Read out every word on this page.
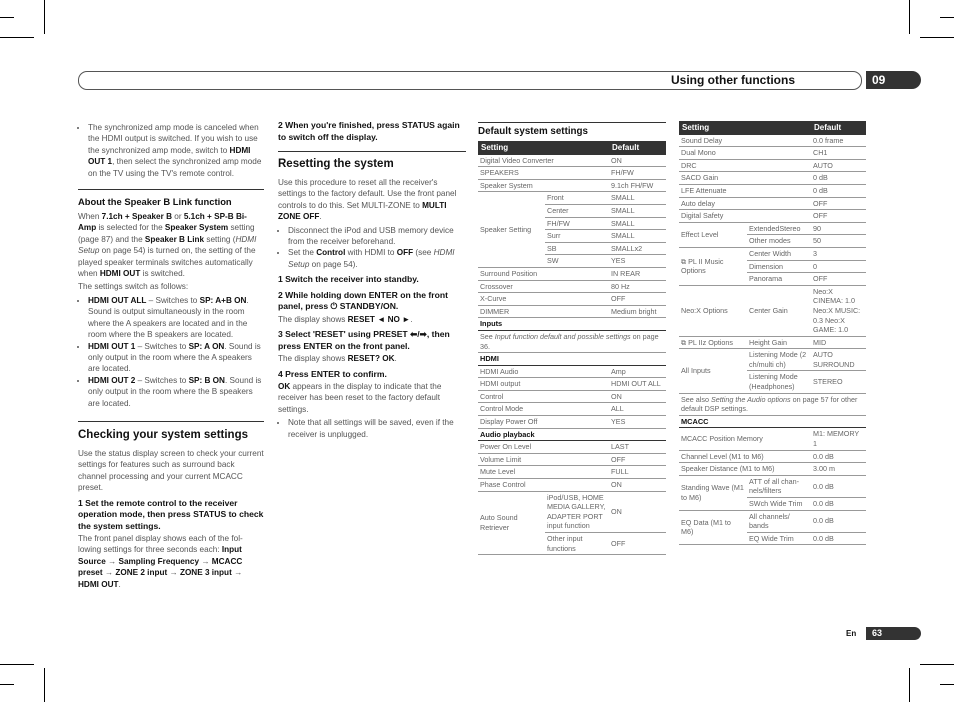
Using other functions	09
• The synchronized amp mode is canceled when the HDMI output is switched. If you wish to use the synchronized amp mode, switch to HDMI OUT 1, then select the synchronized amp mode on the TV using the TV's remote control.
About the Speaker B Link function

When 7.1ch + Speaker B or 5.1ch + SP-B Bi-Amp is selected for the Speaker System setting (page 87) and the Speaker B Link setting (HDMI Setup on page 54) is turned on, the setting of the played speaker terminals switches automatically when HDMI OUT is switched.

The settings switch as follows:

• HDMI OUT ALL – Switches to SP: A+B ON. Sound is output simultaneously in the room where the A speakers are located and in the room where the B speakers are located.
• HDMI OUT 1 – Switches to SP: A ON. Sound is only output in the room where the A speakers are located.
• HDMI OUT 2 – Switches to SP: B ON. Sound is only output in the room where the B speakers are located.
Checking your system settings

Use the status display screen to check your current settings for features such as surround back channel processing and your current MCACC preset.

1 Set the remote control to the receiver operation mode, then press STATUS to check the system settings.

The front panel display shows each of the fol-lowing settings for three seconds each: Input Source → Sampling Frequency → MCACC preset → ZONE 2 input → ZONE 3 input → HDMI OUT.

2 When you're finished, press STATUS again to switch off the display.
Resetting the system

Use this procedure to reset all the receiver's settings to the factory default. Use the front panel controls to do this. Set MULTI-ZONE to MULTI ZONE OFF.

• Disconnect the iPod and USB memory device from the receiver beforehand.
• Set the Control with HDMI to OFF (see HDMI Setup on page 54).
1 Switch the receiver into standby.
2 While holding down ENTER on the front panel, press ⏻ STANDBY/ON.

The display shows RESET ◄ NO ►.

3 Select 'RESET' using PRESET ⬅/➡, then press ENTER on the front panel.

The display shows RESET? OK.

4 Press ENTER to confirm.

OK appears in the display to indicate that the receiver has been reset to the factory default settings.

• Note that all settings will be saved, even if the receiver is unplugged.
Default system settings
Setting		Default
Digital Video Converter		ON
SPEAKERS		FH/FW
Speaker System		9.1ch FH/FW
Speaker Setting	Front	SMALL
	Center	SMALL
	FH/FW	SMALL
	Surr	SMALL
	SB	SMALLx2
	SW	YES
Surround Position		IN REAR
Crossover		80 Hz
X-Curve		OFF
DIMMER		Medium bright
Inputs		
See Input function default and possible settings on page 36.		
HDMI		
HDMI Audio		Amp
HDMI output		HDMI OUT ALL
Control		ON
Control Mode		ALL
Display Power Off		YES
Audio playback		
Power On Level		LAST
Volume Limit		OFF
Mute Level		FULL
Phase Control		ON
Auto Sound Retriever	iPod/USB, HOME MEDIA GALLERY, ADAPTER PORT input function	ON
	Other input functions	OFF
Setting		Default
Sound Delay		0.0 frame
Dual Mono		CH1
DRC		AUTO
SACD Gain		0 dB
LFE Attenuate		0 dB
Auto delay		OFF
Digital Safety		OFF
Effect Level	ExtendedStereo	90
	Other modes	50
⧉ PL II Music Options	Center Width	3
	Dimension	0
	Panorama	OFF
Neo:X Options	Center Gain	Neo:X CINEMA: 1.0 Neo:X MUSIC: 0.3 Neo:X GAME: 1.0
⧉ PL IIz Options	Height Gain	MID
All Inputs	Listening Mode (2 ch/multi ch)	AUTO SURROUND
	Listening Mode (Headphones)	STEREO
See also Setting the Audio options on page 57 for other default DSP settings.		
MCACC		
MCACC Position Memory		M1: MEMORY 1
Channel Level (M1 to M6)		0.0 dB
Speaker Distance (M1 to M6)		3.00 m
Standing Wave (M1 to M6)	ATT of all chan-nels/filters	0.0 dB
	SWch Wide Trim	0.0 dB
EQ Data (M1 to M6)	All channels/ bands	0.0 dB
	EQ Wide Trim	0.0 dB
En	63
